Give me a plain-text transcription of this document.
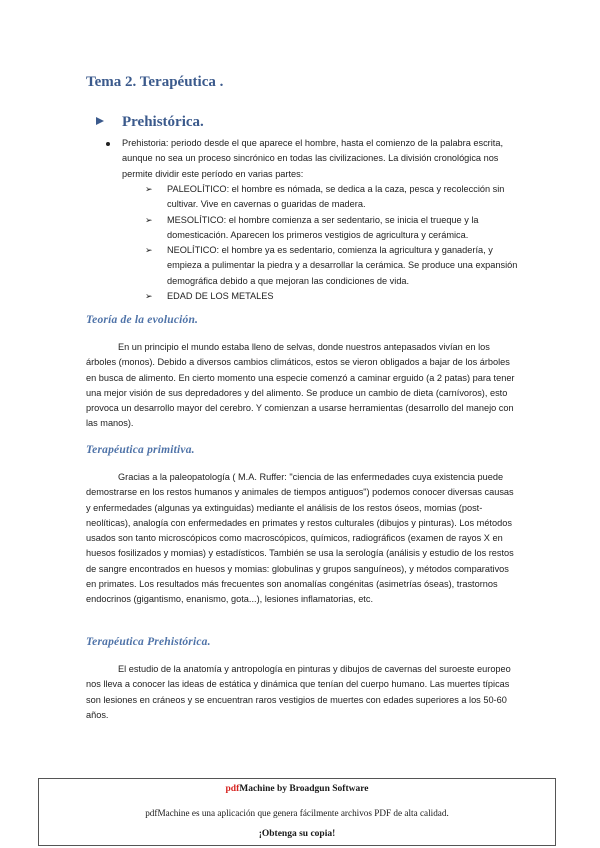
Tema 2. Terapéutica .
Prehistórica.
Prehistoria: periodo desde el que aparece el hombre, hasta el comienzo de la palabra escrita, aunque no sea un proceso sincrónico en todas las civilizaciones. La división cronológica nos permite dividir este período en varias partes:
➢ PALEOLÍTICO: el hombre es nómada, se dedica a la caza, pesca y recolección sin cultivar. Vive en cavernas o guaridas de madera.
➢ MESOLÍTICO: el hombre comienza a ser sedentario, se inicia el trueque y la domesticación. Aparecen los primeros vestigios de agricultura y cerámica.
➢ NEOLÍTICO: el hombre ya es sedentario, comienza la agricultura y ganadería, y empieza a pulimentar la piedra y a desarrollar la cerámica. Se produce una expansión demográfica debido a que mejoran las condiciones de vida.
➢ EDAD DE LOS METALES
Teoría de la evolución.

En un principio el mundo estaba lleno de selvas, donde nuestros antepasados vivían en los árboles (monos). Debido a diversos cambios climáticos, estos se vieron obligados a bajar de los árboles en busca de alimento. En cierto momento una especie comenzó a caminar erguido (a 2 patas) para tener una mejor visión de sus depredadores y del alimento. Se produce un cambio de dieta (carnívoros), esto provoca un desarrollo mayor del cerebro. Y comienzan a usarse herramientas (desarrollo del manejo con las manos).

Terapéutica primitiva.

Gracias a la paleopatología ( M.A. Ruffer: "ciencia de las enfermedades cuya existencia puede demostrarse en los restos humanos y animales de tiempos antiguos") podemos conocer diversas causas y enfermedades (algunas ya extinguidas) mediante el análisis de los restos óseos, momias (post-neolíticas), analogía con enfermedades en primates y restos culturales (dibujos y pinturas). Los métodos usados son tanto microscópicos como macroscópicos, químicos, radiográficos (examen de rayos X en huesos fosilizados y momias) y estadísticos. También se usa la serología (análisis y estudio de los restos de sangre encontrados en huesos y momias: globulinas y grupos sanguíneos), y métodos comparativos en primates. Los resultados más frecuentes son anomalías congénitas (asimetrías óseas), trastornos endocrinos (gigantismo, enanismo, gota...), lesiones inflamatorias, etc.

Terapéutica Prehistórica.

El estudio de la anatomía y antropología en pinturas y dibujos de cavernas del suroeste europeo nos lleva a conocer las ideas de estática y dinámica que tenían del cuerpo humano. Las muertes típicas son lesiones en cráneos y se encuentran raros vestigios de muertes con edades superiores a los 50-60 años.

pdfMachine by Broadgun Software
pdfMachine es una aplicación que genera fácilmente archivos PDF de alta calidad.
¡Obtenga su copia!
